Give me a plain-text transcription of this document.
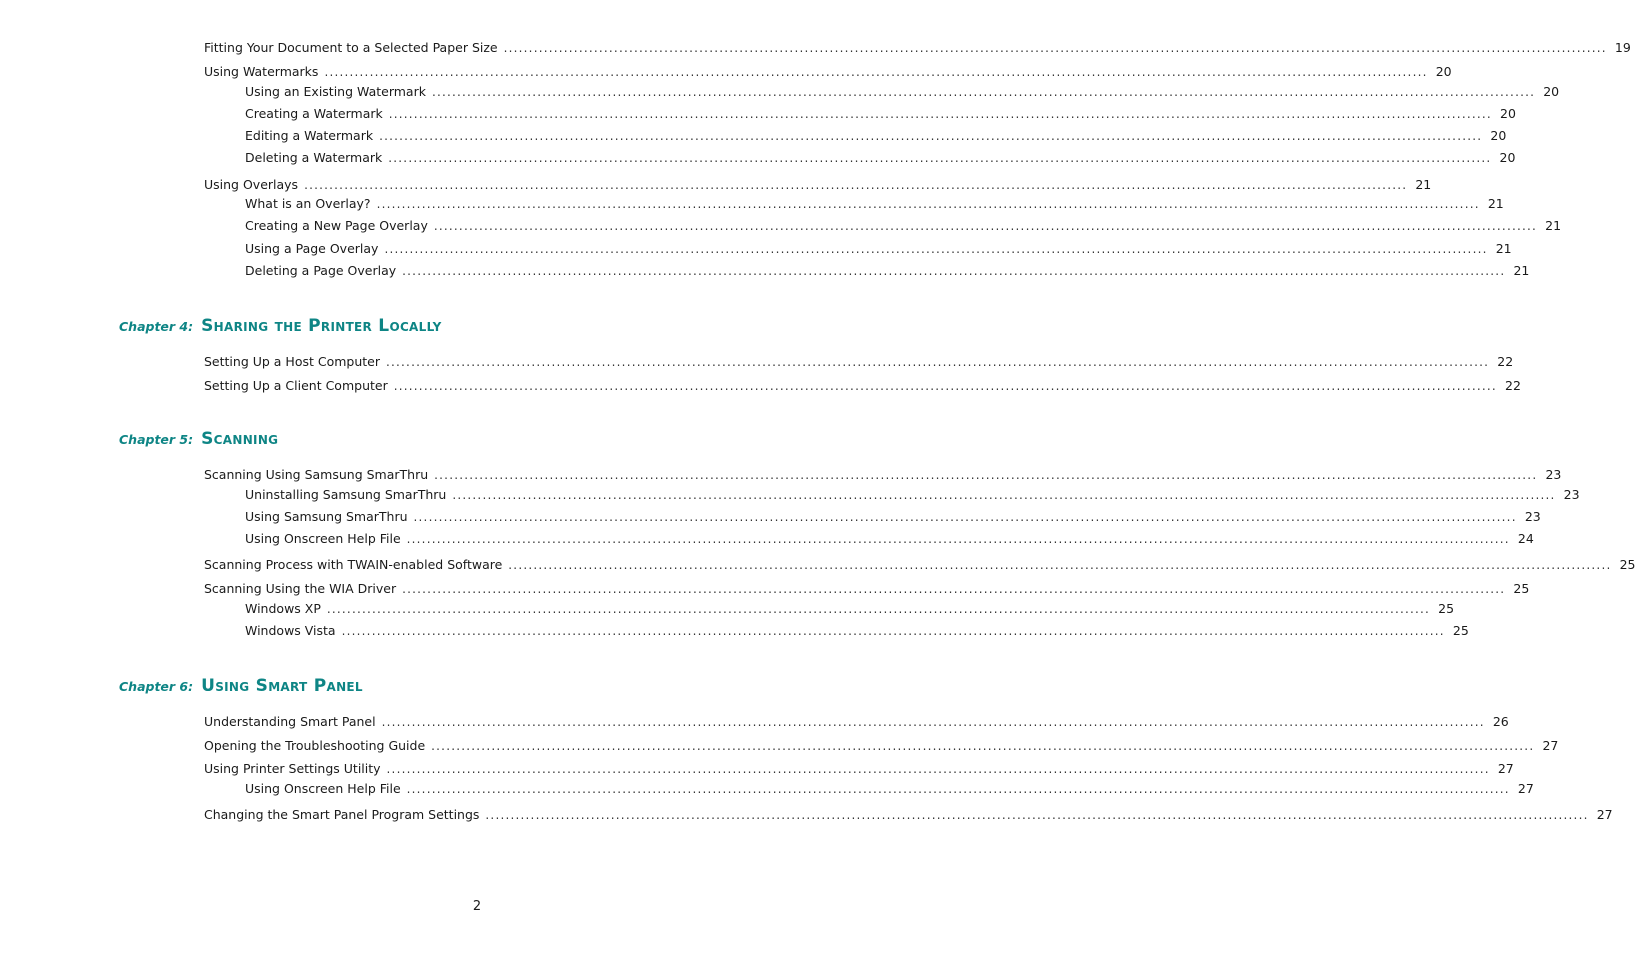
Fitting Your Document to a Selected Paper Size ............................................................................................................................................................................................................................ 19
Using Watermarks ............................................................................................................................................................................................................................ 20
Using an Existing Watermark ............................................................................................................................................................................................................................ 20
Creating a Watermark ............................................................................................................................................................................................................................ 20
Editing a Watermark ............................................................................................................................................................................................................................ 20
Deleting a Watermark ............................................................................................................................................................................................................................ 20
Using Overlays ............................................................................................................................................................................................................................ 21
What is an Overlay? ............................................................................................................................................................................................................................ 21
Creating a New Page Overlay ............................................................................................................................................................................................................................ 21
Using a Page Overlay ............................................................................................................................................................................................................................ 21
Deleting a Page Overlay ............................................................................................................................................................................................................................ 21
Chapter 4: Sharing the Printer Locally
Setting Up a Host Computer ............................................................................................................................................................................................................................ 22
Setting Up a Client Computer ............................................................................................................................................................................................................................ 22
Chapter 5: Scanning
Scanning Using Samsung SmarThru ............................................................................................................................................................................................................................ 23
Uninstalling Samsung SmarThru ............................................................................................................................................................................................................................ 23
Using Samsung SmarThru ............................................................................................................................................................................................................................ 23
Using Onscreen Help File ............................................................................................................................................................................................................................ 24
Scanning Process with TWAIN-enabled Software ............................................................................................................................................................................................................................ 25
Scanning Using the WIA Driver ............................................................................................................................................................................................................................ 25
Windows XP ............................................................................................................................................................................................................................ 25
Windows Vista ............................................................................................................................................................................................................................ 25
Chapter 6: Using Smart Panel
Understanding Smart Panel ............................................................................................................................................................................................................................ 26
Opening the Troubleshooting Guide ............................................................................................................................................................................................................................ 27
Using Printer Settings Utility ............................................................................................................................................................................................................................ 27
Using Onscreen Help File ............................................................................................................................................................................................................................ 27
Changing the Smart Panel Program Settings ............................................................................................................................................................................................................................ 27
2
